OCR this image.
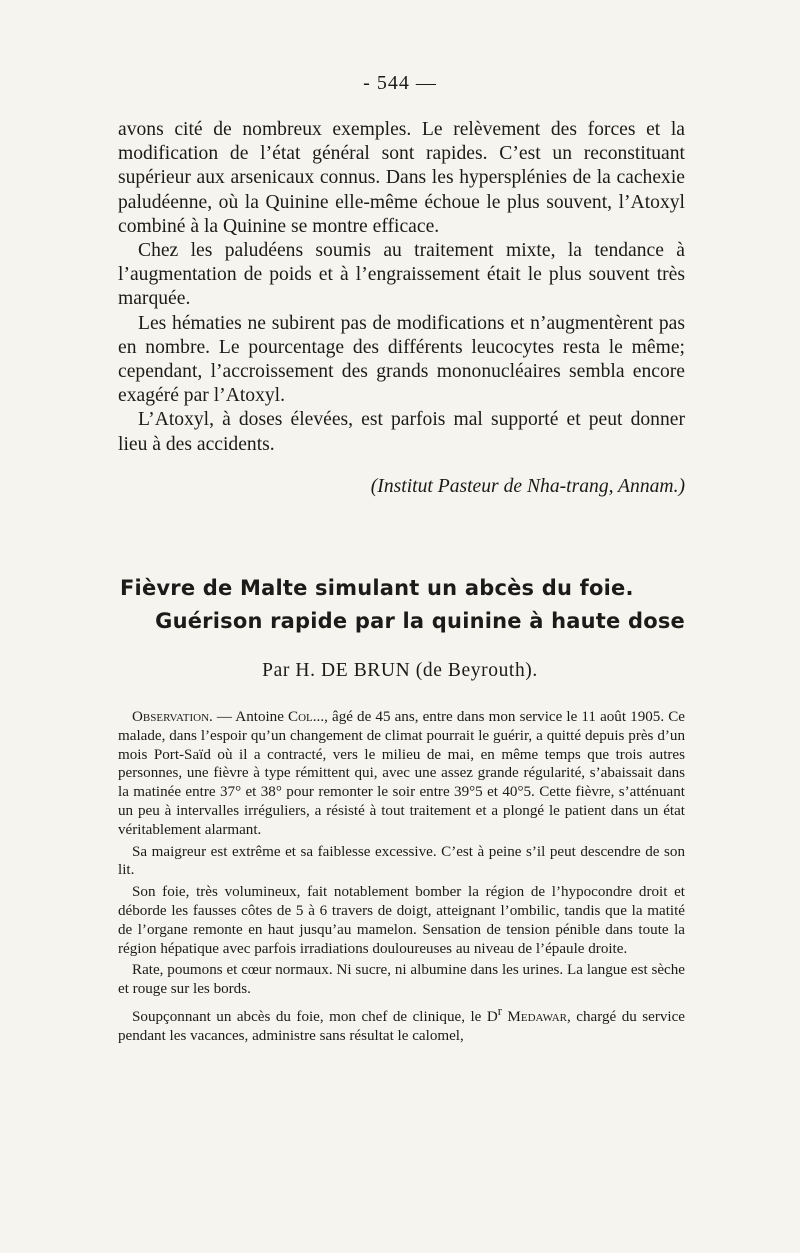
- 544 —

avons cité de nombreux exemples. Le relèvement des forces et la modification de l’état général sont rapides. C’est un reconstituant supérieur aux arsenicaux connus. Dans les hypersplénies de la cachexie paludéenne, où la Quinine elle-même échoue le plus souvent, l’Atoxyl combiné à la Quinine se montre efficace.

Chez les paludéens soumis au traitement mixte, la tendance à l’augmentation de poids et à l’engraissement était le plus souvent très marquée.

Les hématies ne subirent pas de modifications et n’augmentèrent pas en nombre. Le pourcentage des différents leucocytes resta le même; cependant, l’accroissement des grands mononucléaires sembla encore exagéré par l’Atoxyl.

L’Atoxyl, à doses élevées, est parfois mal supporté et peut donner lieu à des accidents.

(Institut Pasteur de Nha-trang, Annam.)
Fièvre de Malte simulant un abcès du foie.
Guérison rapide par la quinine à haute dose
Par H. DE BRUN (de Beyrouth).

Observation. — Antoine Col..., âgé de 45 ans, entre dans mon service le 11 août 1905. Ce malade, dans l’espoir qu’un changement de climat pourrait le guérir, a quitté depuis près d’un mois Port-Saïd où il a contracté, vers le milieu de mai, en même temps que trois autres personnes, une fièvre à type rémittent qui, avec une assez grande régularité, s’abaissait dans la matinée entre 37° et 38° pour remonter le soir entre 39°5 et 40°5. Cette fièvre, s’atténuant un peu à intervalles irréguliers, a résisté à tout traitement et a plongé le patient dans un état véritablement alarmant.

Sa maigreur est extrême et sa faiblesse excessive. C’est à peine s’il peut descendre de son lit.

Son foie, très volumineux, fait notablement bomber la région de l’hypocondre droit et déborde les fausses côtes de 5 à 6 travers de doigt, atteignant l’ombilic, tandis que la matité de l’organe remonte en haut jusqu’au mamelon. Sensation de tension pénible dans toute la région hépatique avec parfois irradiations douloureuses au niveau de l’épaule droite.

Rate, poumons et cœur normaux. Ni sucre, ni albumine dans les urines. La langue est sèche et rouge sur les bords.

Soupçonnant un abcès du foie, mon chef de clinique, le $D^r$ Medawar, chargé du service pendant les vacances, administre sans résultat le calomel,
